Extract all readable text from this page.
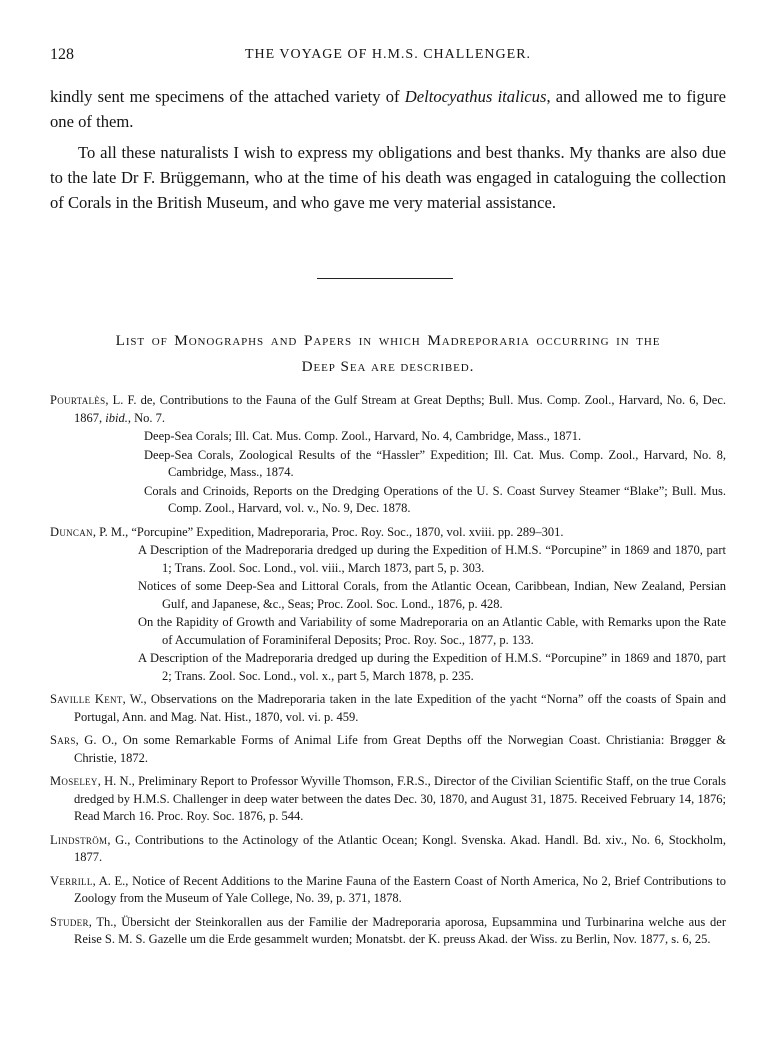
128	THE VOYAGE OF H.M.S. CHALLENGER.

kindly sent me specimens of the attached variety of Deltocyathus italicus, and allowed me to figure one of them.

To all these naturalists I wish to express my obligations and best thanks. My thanks are also due to the late Dr F. Brüggemann, who at the time of his death was engaged in cataloguing the collection of Corals in the British Museum, and who gave me very material assistance.

List of Monographs and Papers in which Madreporaria occurring in the
Deep Sea are described.
Pourtalès, L. F. de, Contributions to the Fauna of the Gulf Stream at Great Depths; Bull. Mus. Comp. Zool., Harvard, No. 6, Dec. 1867, ibid., No. 7.
Deep-Sea Corals; Ill. Cat. Mus. Comp. Zool., Harvard, No. 4, Cambridge, Mass., 1871.
Deep-Sea Corals, Zoological Results of the “Hassler” Expedition; Ill. Cat. Mus. Comp. Zool., Harvard, No. 8, Cambridge, Mass., 1874.
Corals and Crinoids, Reports on the Dredging Operations of the U. S. Coast Survey Steamer “Blake”; Bull. Mus. Comp. Zool., Harvard, vol. v., No. 9, Dec. 1878.
Duncan, P. M., “Porcupine” Expedition, Madreporaria, Proc. Roy. Soc., 1870, vol. xviii. pp. 289–301.
A Description of the Madreporaria dredged up during the Expedition of H.M.S. “Porcupine” in 1869 and 1870, part 1; Trans. Zool. Soc. Lond., vol. viii., March 1873, part 5, p. 303.
Notices of some Deep-Sea and Littoral Corals, from the Atlantic Ocean, Caribbean, Indian, New Zealand, Persian Gulf, and Japanese, &c., Seas; Proc. Zool. Soc. Lond., 1876, p. 428.
On the Rapidity of Growth and Variability of some Madreporaria on an Atlantic Cable, with Remarks upon the Rate of Accumulation of Foraminiferal Deposits; Proc. Roy. Soc., 1877, p. 133.
A Description of the Madreporaria dredged up during the Expedition of H.M.S. “Porcupine” in 1869 and 1870, part 2; Trans. Zool. Soc. Lond., vol. x., part 5, March 1878, p. 235.
Saville Kent, W., Observations on the Madreporaria taken in the late Expedition of the yacht “Norna” off the coasts of Spain and Portugal, Ann. and Mag. Nat. Hist., 1870, vol. vi. p. 459.
Sars, G. O., On some Remarkable Forms of Animal Life from Great Depths off the Norwegian Coast. Christiania: Brøgger & Christie, 1872.
Moseley, H. N., Preliminary Report to Professor Wyville Thomson, F.R.S., Director of the Civilian Scientific Staff, on the true Corals dredged by H.M.S. Challenger in deep water between the dates Dec. 30, 1870, and August 31, 1875. Received February 14, 1876; Read March 16. Proc. Roy. Soc. 1876, p. 544.
Lindström, G., Contributions to the Actinology of the Atlantic Ocean; Kongl. Svenska. Akad. Handl. Bd. xiv., No. 6, Stockholm, 1877.
Verrill, A. E., Notice of Recent Additions to the Marine Fauna of the Eastern Coast of North America, No 2, Brief Contributions to Zoology from the Museum of Yale College, No. 39, p. 371, 1878.
Studer, Th., Übersicht der Steinkorallen aus der Familie der Madreporaria aporosa, Eupsammina und Turbinarina welche aus der Reise S. M. S. Gazelle um die Erde gesammelt wurden; Monatsbt. der K. preuss Akad. der Wiss. zu Berlin, Nov. 1877, s. 6, 25.
